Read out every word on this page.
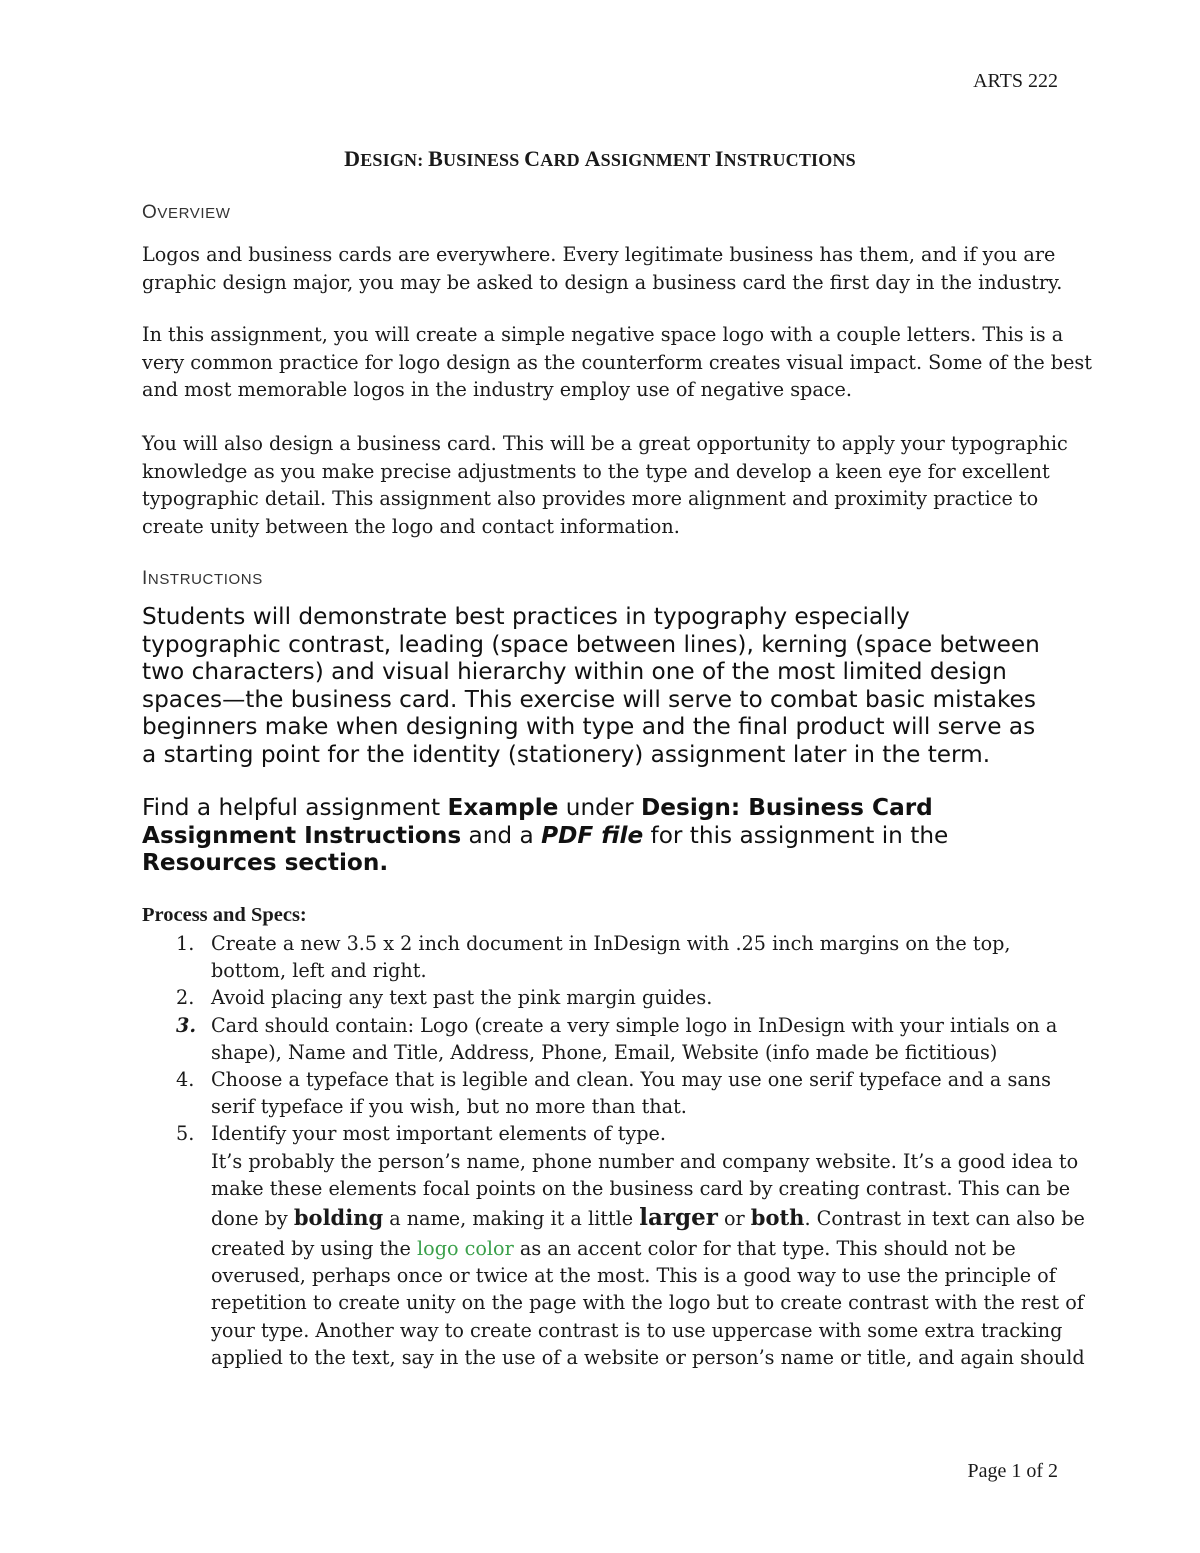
ARTS 222
DESIGN: BUSINESS CARD ASSIGNMENT INSTRUCTIONS
OVERVIEW
Logos and business cards are everywhere. Every legitimate business has them, and if you are
graphic design major, you may be asked to design a business card the first day in the industry.
In this assignment, you will create a simple negative space logo with a couple letters. This is a
very common practice for logo design as the counterform creates visual impact. Some of the best
and most memorable logos in the industry employ use of negative space.
You will also design a business card. This will be a great opportunity to apply your typographic
knowledge as you make precise adjustments to the type and develop a keen eye for excellent
typographic detail. This assignment also provides more alignment and proximity practice to
create unity between the logo and contact information.
INSTRUCTIONS
Students will demonstrate best practices in typography especially
typographic contrast, leading (space between lines), kerning (space between
two characters) and visual hierarchy within one of the most limited design
spaces—the business card. This exercise will serve to combat basic mistakes
beginners make when designing with type and the final product will serve as
a starting point for the identity (stationery) assignment later in the term.
Find a helpful assignment Example under Design: Business Card
Assignment Instructions and a PDF file for this assignment in the
Resources section.
Process and Specs:
1. Create a new 3.5 x 2 inch document in InDesign with .25 inch margins on the top,
bottom, left and right.
2. Avoid placing any text past the pink margin guides.
3. Card should contain: Logo (create a very simple logo in InDesign with your intials on a
shape), Name and Title, Address, Phone, Email, Website (info made be fictitious)
4. Choose a typeface that is legible and clean. You may use one serif typeface and a sans
serif typeface if you wish, but no more than that.
5. Identify your most important elements of type.
It’s probably the person’s name, phone number and company website. It’s a good idea to
make these elements focal points on the business card by creating contrast. This can be
done by bolding a name, making it a little larger or both. Contrast in text can also be
created by using the logo color as an accent color for that type. This should not be
overused, perhaps once or twice at the most. This is a good way to use the principle of
repetition to create unity on the page with the logo but to create contrast with the rest of
your type. Another way to create contrast is to use uppercase with some extra tracking
applied to the text, say in the use of a website or person’s name or title, and again should
Page 1 of 2
